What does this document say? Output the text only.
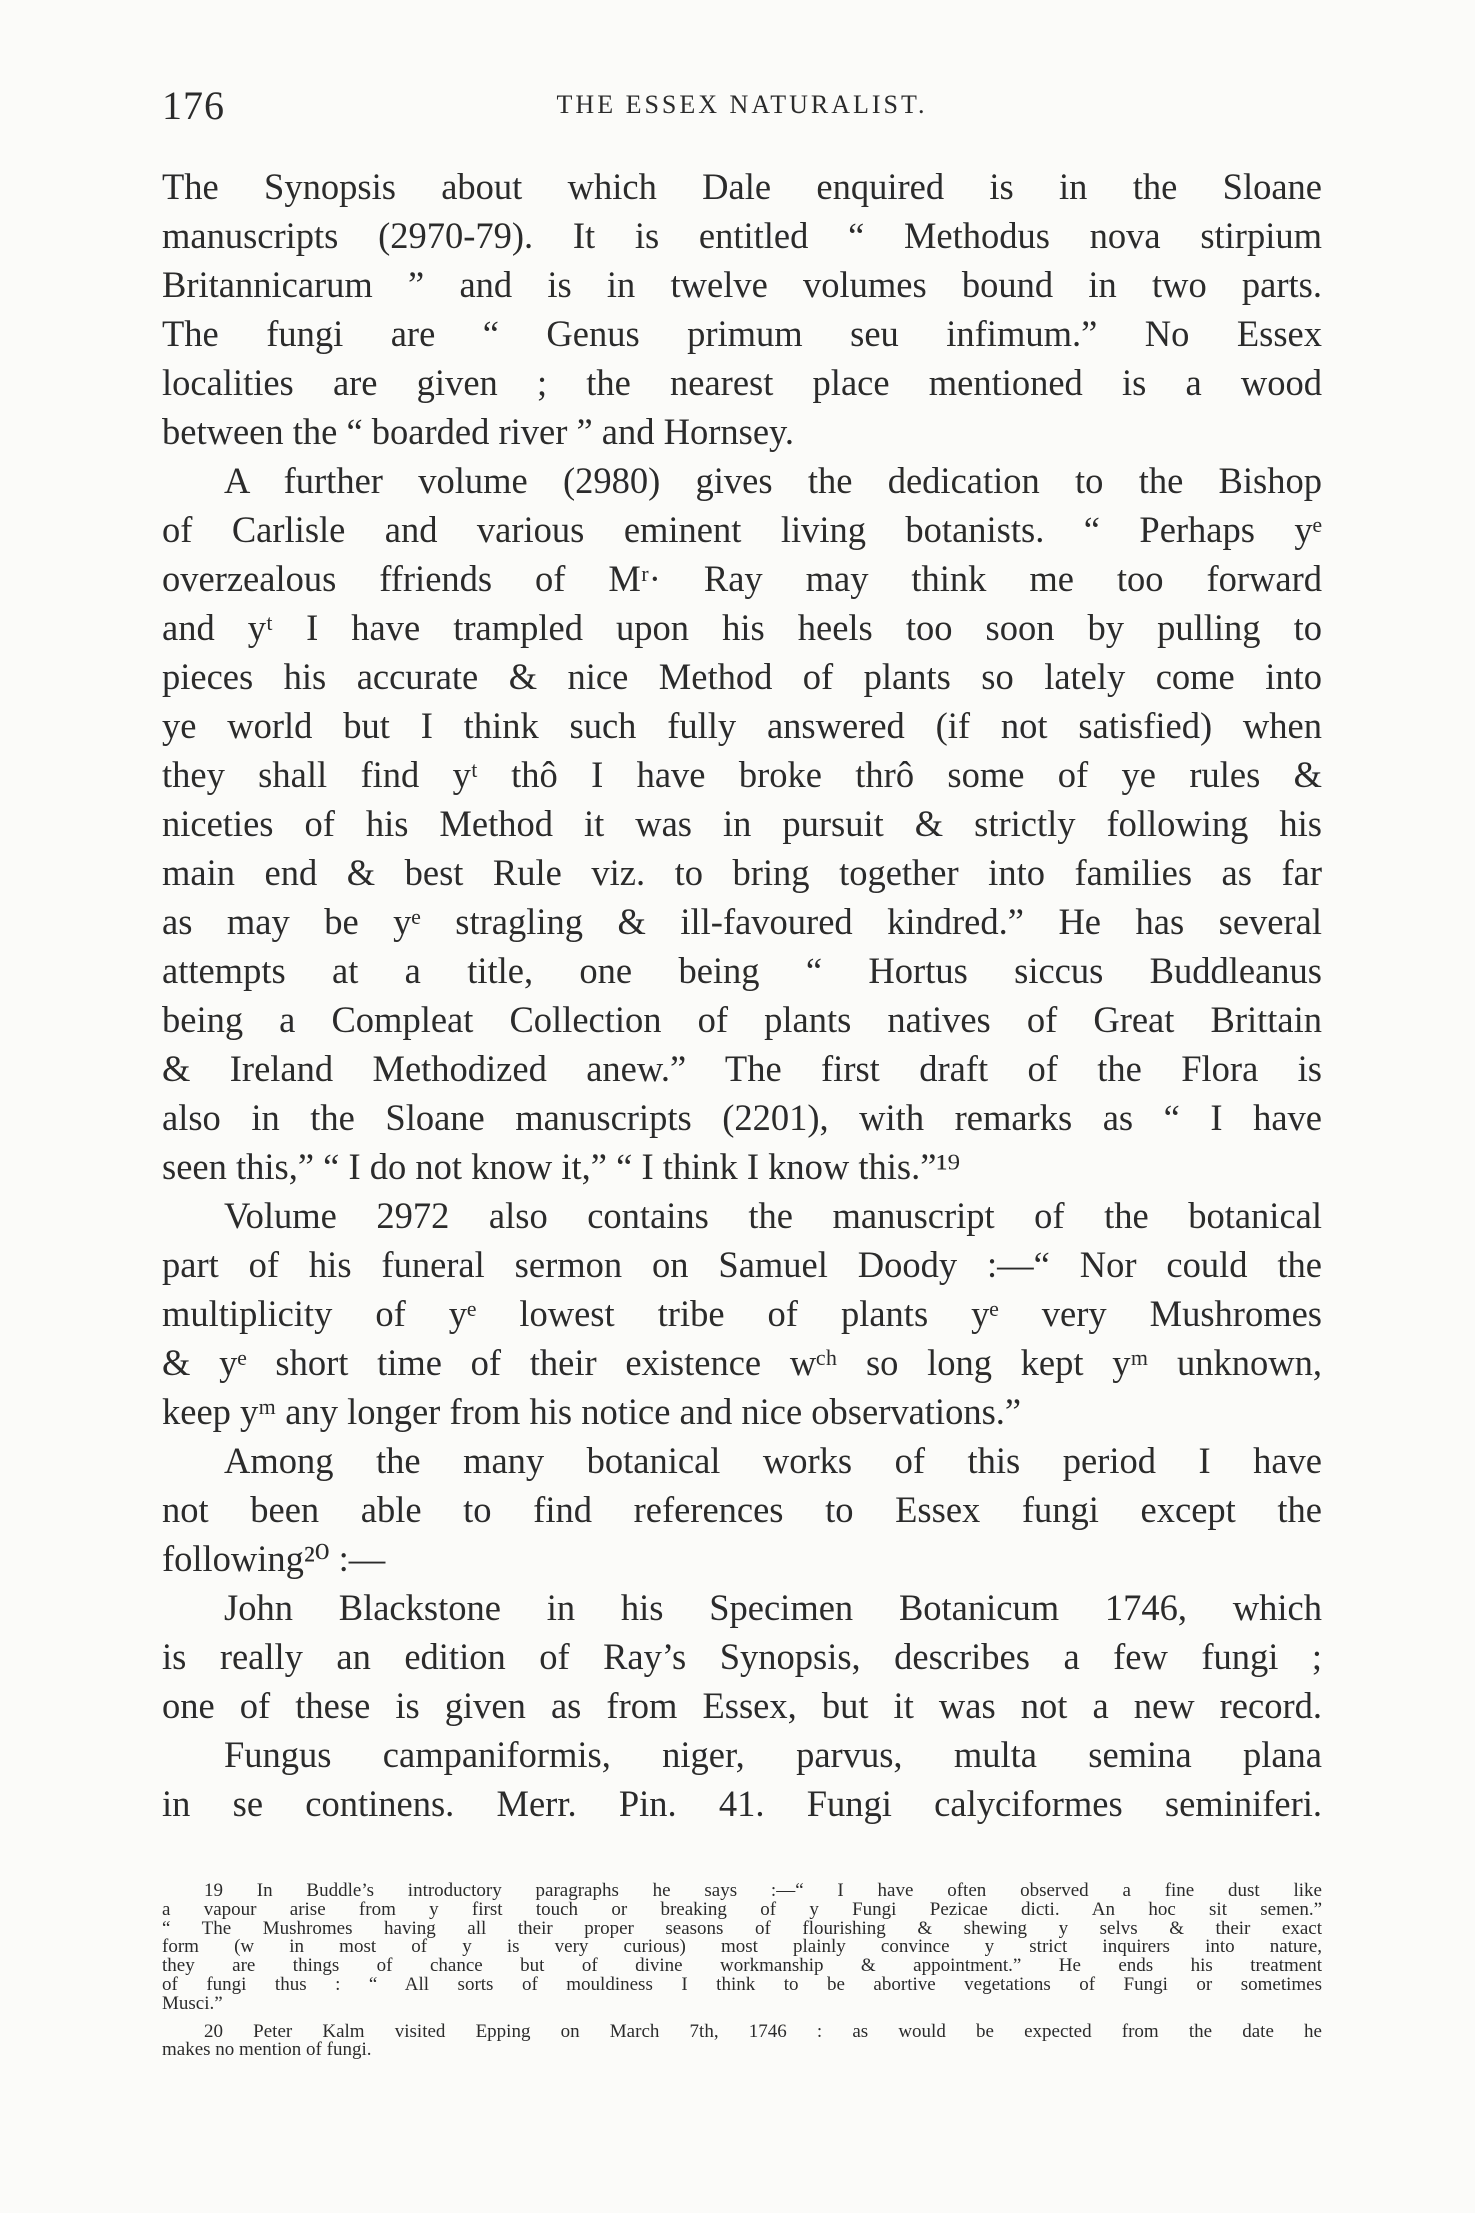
176	THE ESSEX NATURALIST.
The Synopsis about which Dale enquired is in the Sloane
manuscripts (2970-79). It is entitled “ Methodus nova stirpium
Britannicarum ” and is in twelve volumes bound in two parts.
The fungi are “ Genus primum seu infimum.” No Essex
localities are given ; the nearest place mentioned is a wood
between the “ boarded river ” and Hornsey.
A further volume (2980) gives the dedication to the Bishop
of Carlisle and various eminent living botanists. “ Perhaps yᵉ
overzealous ffriends of Mʳ· Ray may think me too forward
and yᵗ I have trampled upon his heels too soon by pulling to
pieces his accurate & nice Method of plants so lately come into
ye world but I think such fully answered (if not satisfied) when
they shall find yᵗ thô I have broke thrô some of ye rules &
niceties of his Method it was in pursuit & strictly following his
main end & best Rule viz. to bring together into families as far
as may be yᵉ stragling & ill-favoured kindred.” He has several
attempts at a title, one being “ Hortus siccus Buddleanus
being a Compleat Collection of plants natives of Great Brittain
& Ireland Methodized anew.” The first draft of the Flora is
also in the Sloane manuscripts (2201), with remarks as “ I have
seen this,” “ I do not know it,” “ I think I know this.”¹⁹
Volume 2972 also contains the manuscript of the botanical
part of his funeral sermon on Samuel Doody :—“ Nor could the
multiplicity of yᵉ lowest tribe of plants yᵉ very Mushromes
& yᵉ short time of their existence wᶜʰ so long kept yᵐ unknown,
keep yᵐ any longer from his notice and nice observations.”
Among the many botanical works of this period I have
not been able to find references to Essex fungi except the
following²⁰ :—
John Blackstone in his Specimen Botanicum 1746, which
is really an edition of Ray’s Synopsis, describes a few fungi ;
one of these is given as from Essex, but it was not a new record.
Fungus campaniformis, niger, parvus, multa semina plana
in se continens. Merr. Pin. 41. Fungi calyciformes seminiferi.
19 In Buddle’s introductory paragraphs he says :—“ I have often observed a fine dust like
a vapour arise from y first touch or breaking of y Fungi Pezicae dicti. An hoc sit semen.”
“ The Mushromes having all their proper seasons of flourishing & shewing y selvs & their exact
form (w in most of y is very curious) most plainly convince y strict inquirers into nature,
they are things of chance but of divine workmanship & appointment.” He ends his treatment
of fungi thus : “ All sorts of mouldiness I think to be abortive vegetations of Fungi or sometimes
Musci.”
20 Peter Kalm visited Epping on March 7th, 1746 : as would be expected from the date he
makes no mention of fungi.
